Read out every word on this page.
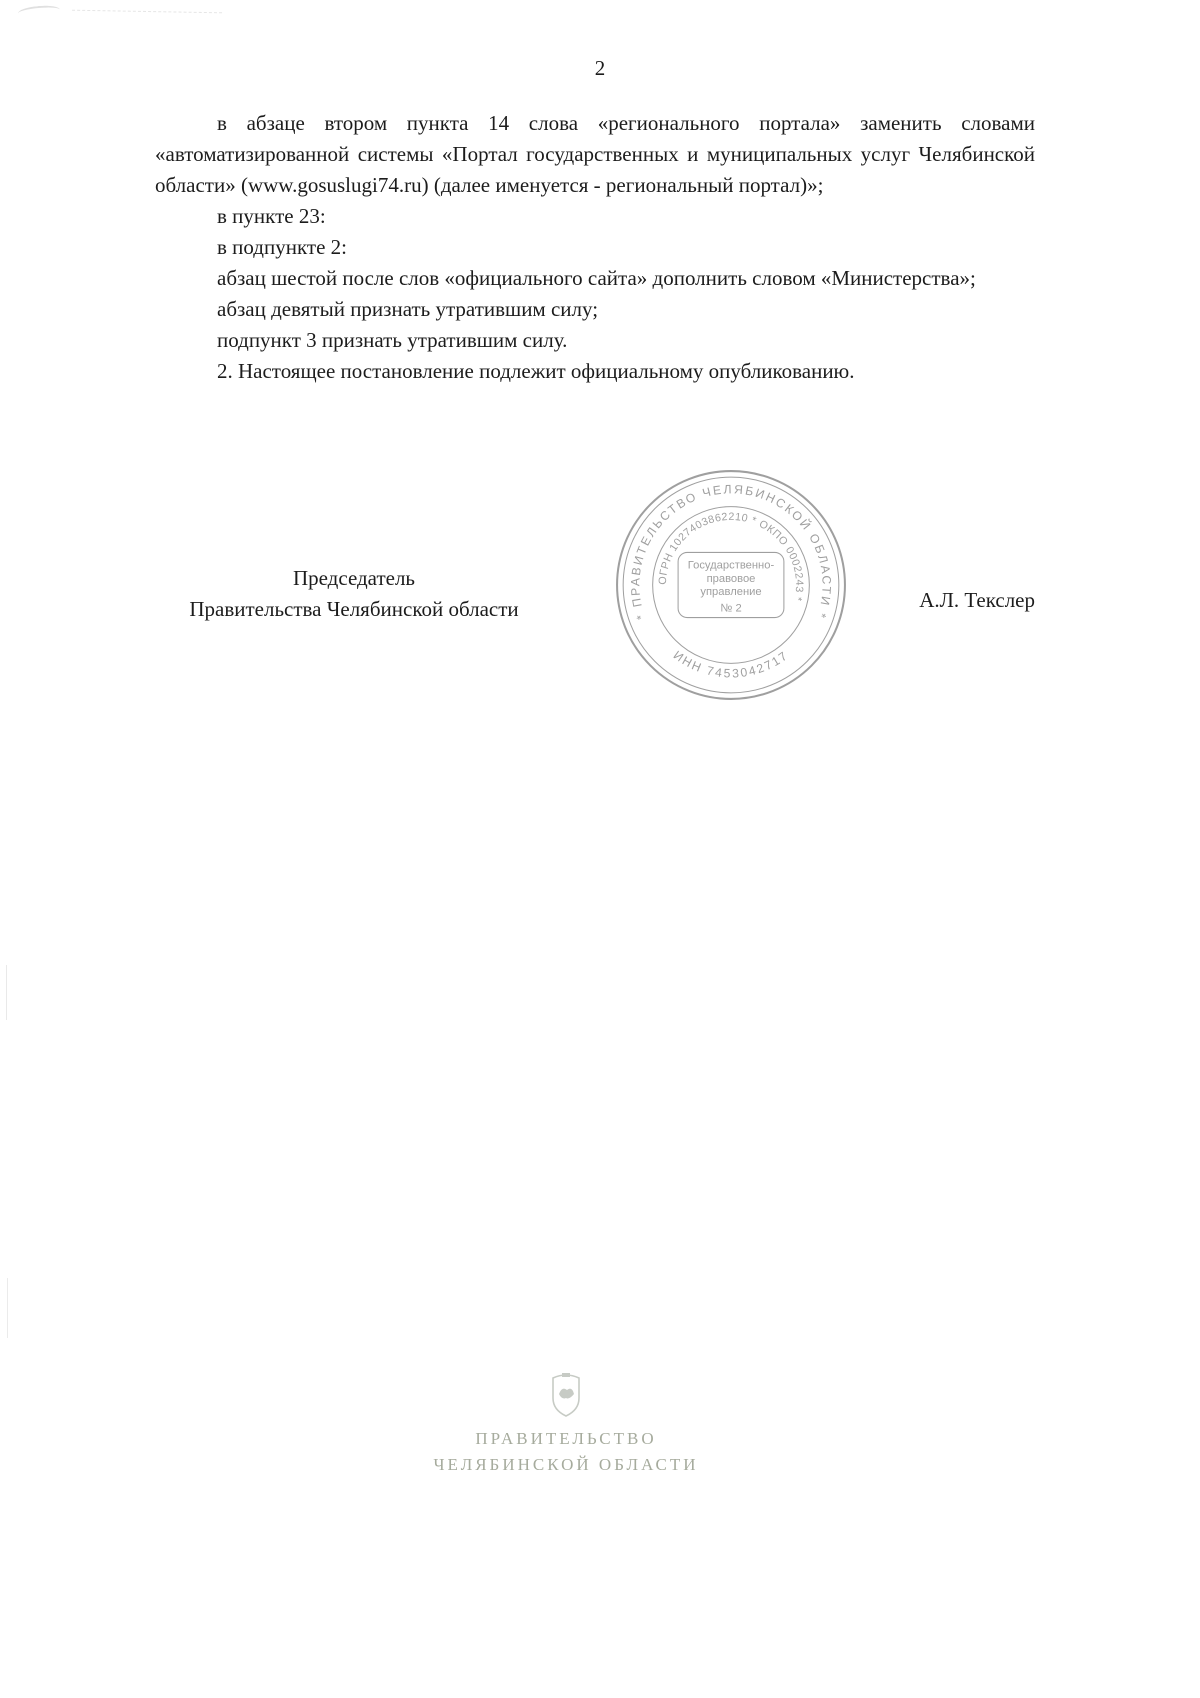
2

в абзаце втором пункта 14 слова «регионального портала» заменить словами «автоматизированной системы «Портал государственных и муниципальных услуг Челябинской области» (www.gosuslugi74.ru) (далее именуется - региональный портал)»;

в пункте 23:

в подпункте 2:

абзац шестой после слов «официального сайта» дополнить словом «Министерства»;

абзац девятый признать утратившим силу;

подпункт 3 признать утратившим силу.

2. Настоящее постановление подлежит официальному опубликованию.

Председатель
Правительства Челябинской области	А.Л. Текслер
* ПРАВИТЕЛЬСТВО ЧЕЛЯБИНСКОЙ ОБЛАСТИ *
ОГРН 1027403862210 * ОКПО 0002243 *
ИНН 7453042717
Государственно-
правовое
управление
№ 2
ПРАВИТЕЛЬСТВО
ЧЕЛЯБИНСКОЙ ОБЛАСТИ
